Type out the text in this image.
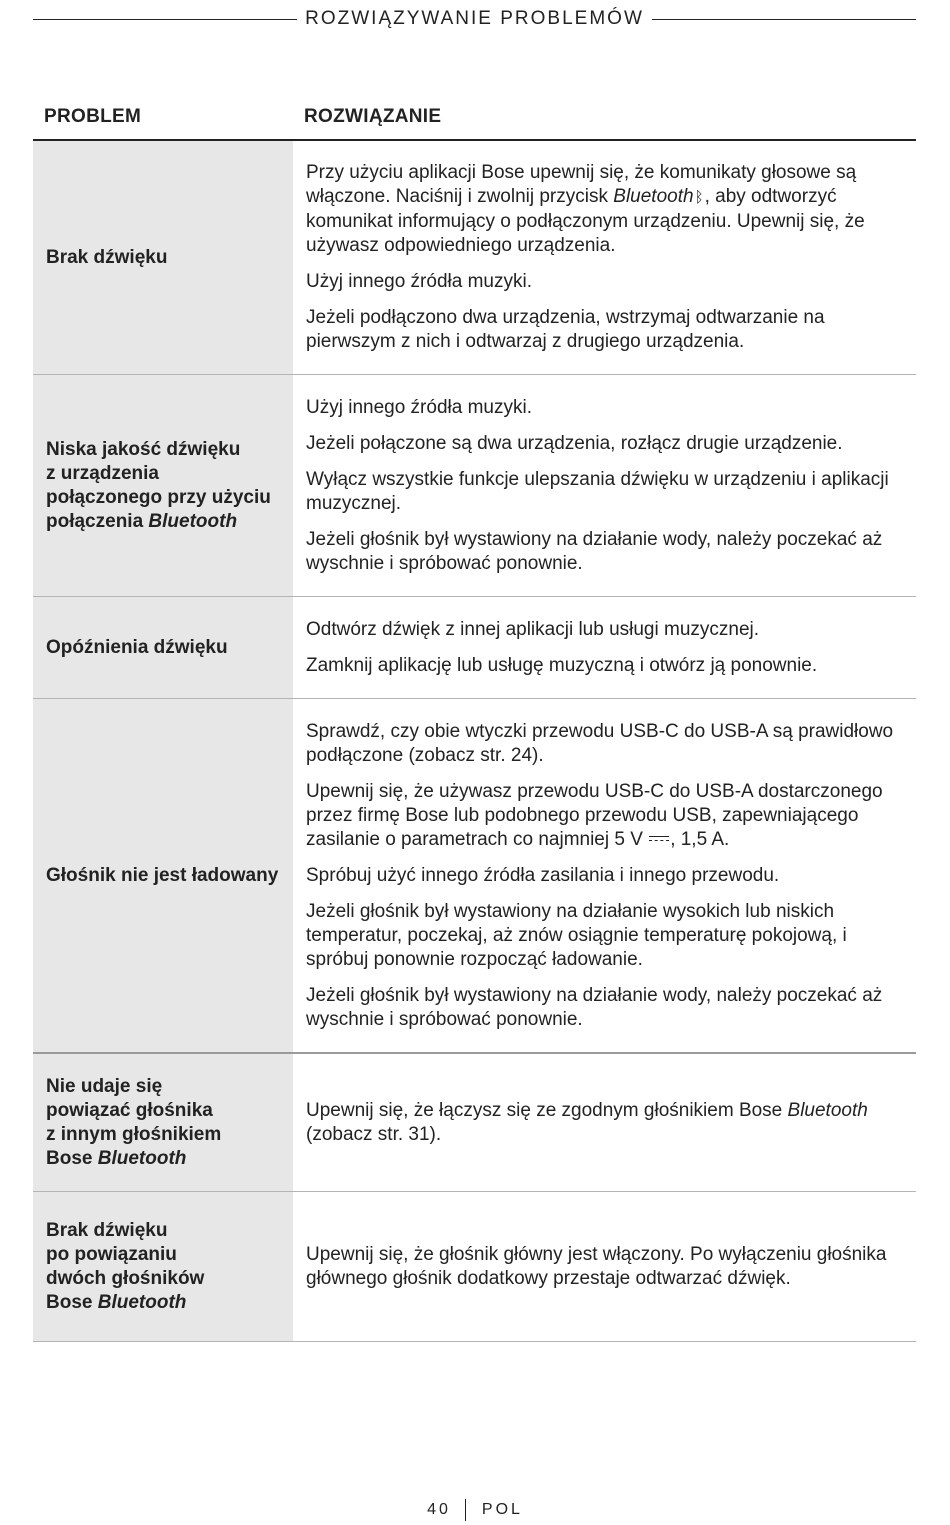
ROZWIĄZYWANIE PROBLEMÓW
PROBLEM	ROZWIĄZANIE
Brak dźwięku

Przy użyciu aplikacji Bose upewnij się, że komunikaty głosowe są włączone. Naciśnij i zwolnij przycisk Bluetoothᛒ, aby odtworzyć komunikat informujący o podłączonym urządzeniu. Upewnij się, że używasz odpowiedniego urządzenia.

Użyj innego źródła muzyki.

Jeżeli podłączono dwa urządzenia, wstrzymaj odtwarzanie na pierwszym z nich i odtwarzaj z drugiego urządzenia.

Niska jakość dźwięku
z urządzenia
połączonego przy użyciu
połączenia Bluetooth

Użyj innego źródła muzyki.

Jeżeli połączone są dwa urządzenia, rozłącz drugie urządzenie.

Wyłącz wszystkie funkcje ulepszania dźwięku w urządzeniu i aplikacji muzycznej.

Jeżeli głośnik był wystawiony na działanie wody, należy poczekać aż wyschnie i spróbować ponownie.

Opóźnienia dźwięku

Odtwórz dźwięk z innej aplikacji lub usługi muzycznej.

Zamknij aplikację lub usługę muzyczną i otwórz ją ponownie.

Głośnik nie jest ładowany

Sprawdź, czy obie wtyczki przewodu USB-C do USB-A są prawidłowo podłączone (zobacz str. 24).

Upewnij się, że używasz przewodu USB-C do USB-A dostarczonego przez firmę Bose lub podobnego przewodu USB, zapewniającego zasilanie o parametrach co najmniej 5 V , 1,5 A.

Spróbuj użyć innego źródła zasilania i innego przewodu.

Jeżeli głośnik był wystawiony na działanie wysokich lub niskich temperatur, poczekaj, aż znów osiągnie temperaturę pokojową, i spróbuj ponownie rozpocząć ładowanie.

Jeżeli głośnik był wystawiony na działanie wody, należy poczekać aż wyschnie i spróbować ponownie.

Nie udaje się
powiązać głośnika
z innym głośnikiem
Bose Bluetooth

Upewnij się, że łączysz się ze zgodnym głośnikiem Bose Bluetooth (zobacz str. 31).

Brak dźwięku
po powiązaniu
dwóch głośników
Bose Bluetooth

Upewnij się, że głośnik główny jest włączony. Po wyłączeniu głośnika głównego głośnik dodatkowy przestaje odtwarzać dźwięk.

40 POL
